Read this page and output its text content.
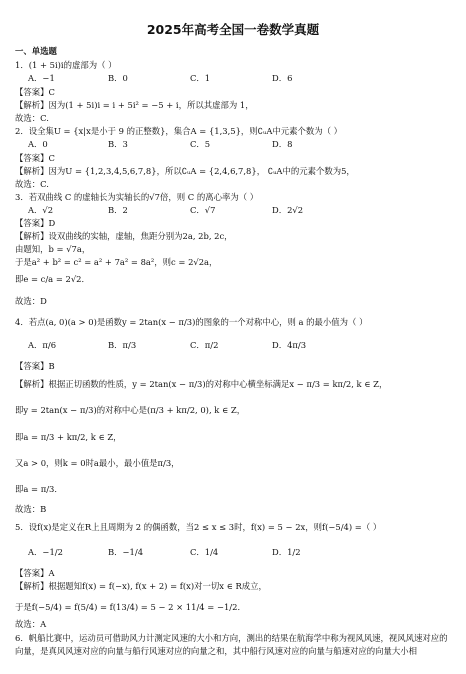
2025年高考全国一卷数学真题
一、单选题
1．(1 + 5i)i的虚部为（ ）
A．−1	B．0	C．1	D．6
【答案】C
【解析】因为(1 + 5i)i = i + 5i² = −5 + i，所以其虚部为 1，
故选：C.
2．设全集U = {x|x是小于 9 的正整数}，集合A = {1,3,5}，则∁ᵤA中元素个数为（ ）
A．0	B．3	C．5	D．8
【答案】C
【解析】因为U = {1,2,3,4,5,6,7,8}，所以∁ᵤA = {2,4,6,7,8}， ∁ᵤA中的元素个数为5，
故选：C.
3．若双曲线 C 的虚轴长为实轴长的√7倍，则 C 的离心率为（ ）
A．√2	B．2	C．√7	D．2√2
【答案】D
【解析】设双曲线的实轴，虚轴，焦距分别为2a, 2b, 2c，
由题知，b = √7a，
于是a² + b² = c² = a² + 7a² = 8a²，则c = 2√2a，
即e = c/a = 2√2．
故选：D
4．若点(a, 0)(a > 0)是函数y = 2tan(x − π/3)的图象的一个对称中心，则 a 的最小值为（ ）
A．π/6	B．π/3	C．π/2	D．4π/3
【答案】B
【解析】根据正切函数的性质，y = 2tan(x − π/3)的对称中心横坐标满足x − π/3 = kπ/2, k ∈ Z，
即y = 2tan(x − π/3)的对称中心是(π/3 + kπ/2, 0), k ∈ Z，
即a = π/3 + kπ/2, k ∈ Z，
又a > 0，则k = 0时a最小，最小值是π/3，
即a = π/3．
故选：B
5．设f(x)是定义在R上且周期为 2 的偶函数，当2 ≤ x ≤ 3时，f(x) = 5 − 2x，则f(−5/4) =（ ）
A．−1/2	B．−1/4	C．1/4	D．1/2
【答案】A
【解析】根据题知f(x) = f(−x), f(x + 2) = f(x)对一切x ∈ R成立，
于是f(−5/4) = f(5/4) = f(13/4) = 5 − 2 × 11/4 = −1/2．
故选：A
6．帆船比赛中，运动员可借助风力计测定风速的大小和方向，测出的结果在航海学中称为视风风速，视风风速对应的向量，是真风风速对应的向量与船行风速对应的向量之和，其中船行风速对应的向量与船速对应的向量大小相
